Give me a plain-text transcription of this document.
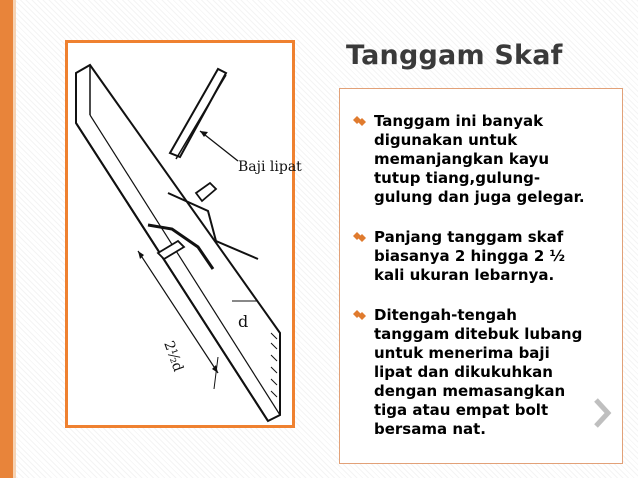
Baji lipat
d
2½d
Tanggam Skaf
Tanggam ini banyak
digunakan untuk
memanjangkan kayu
tutup tiang,gulung-
gulung dan juga gelegar.
Panjang tanggam skaf
biasanya 2 hingga 2 ½
kali ukuran lebarnya.
Ditengah-tengah
tanggam ditebuk lubang
untuk menerima baji
lipat dan dikukuhkan
dengan memasangkan
tiga atau empat bolt
bersama nat.
